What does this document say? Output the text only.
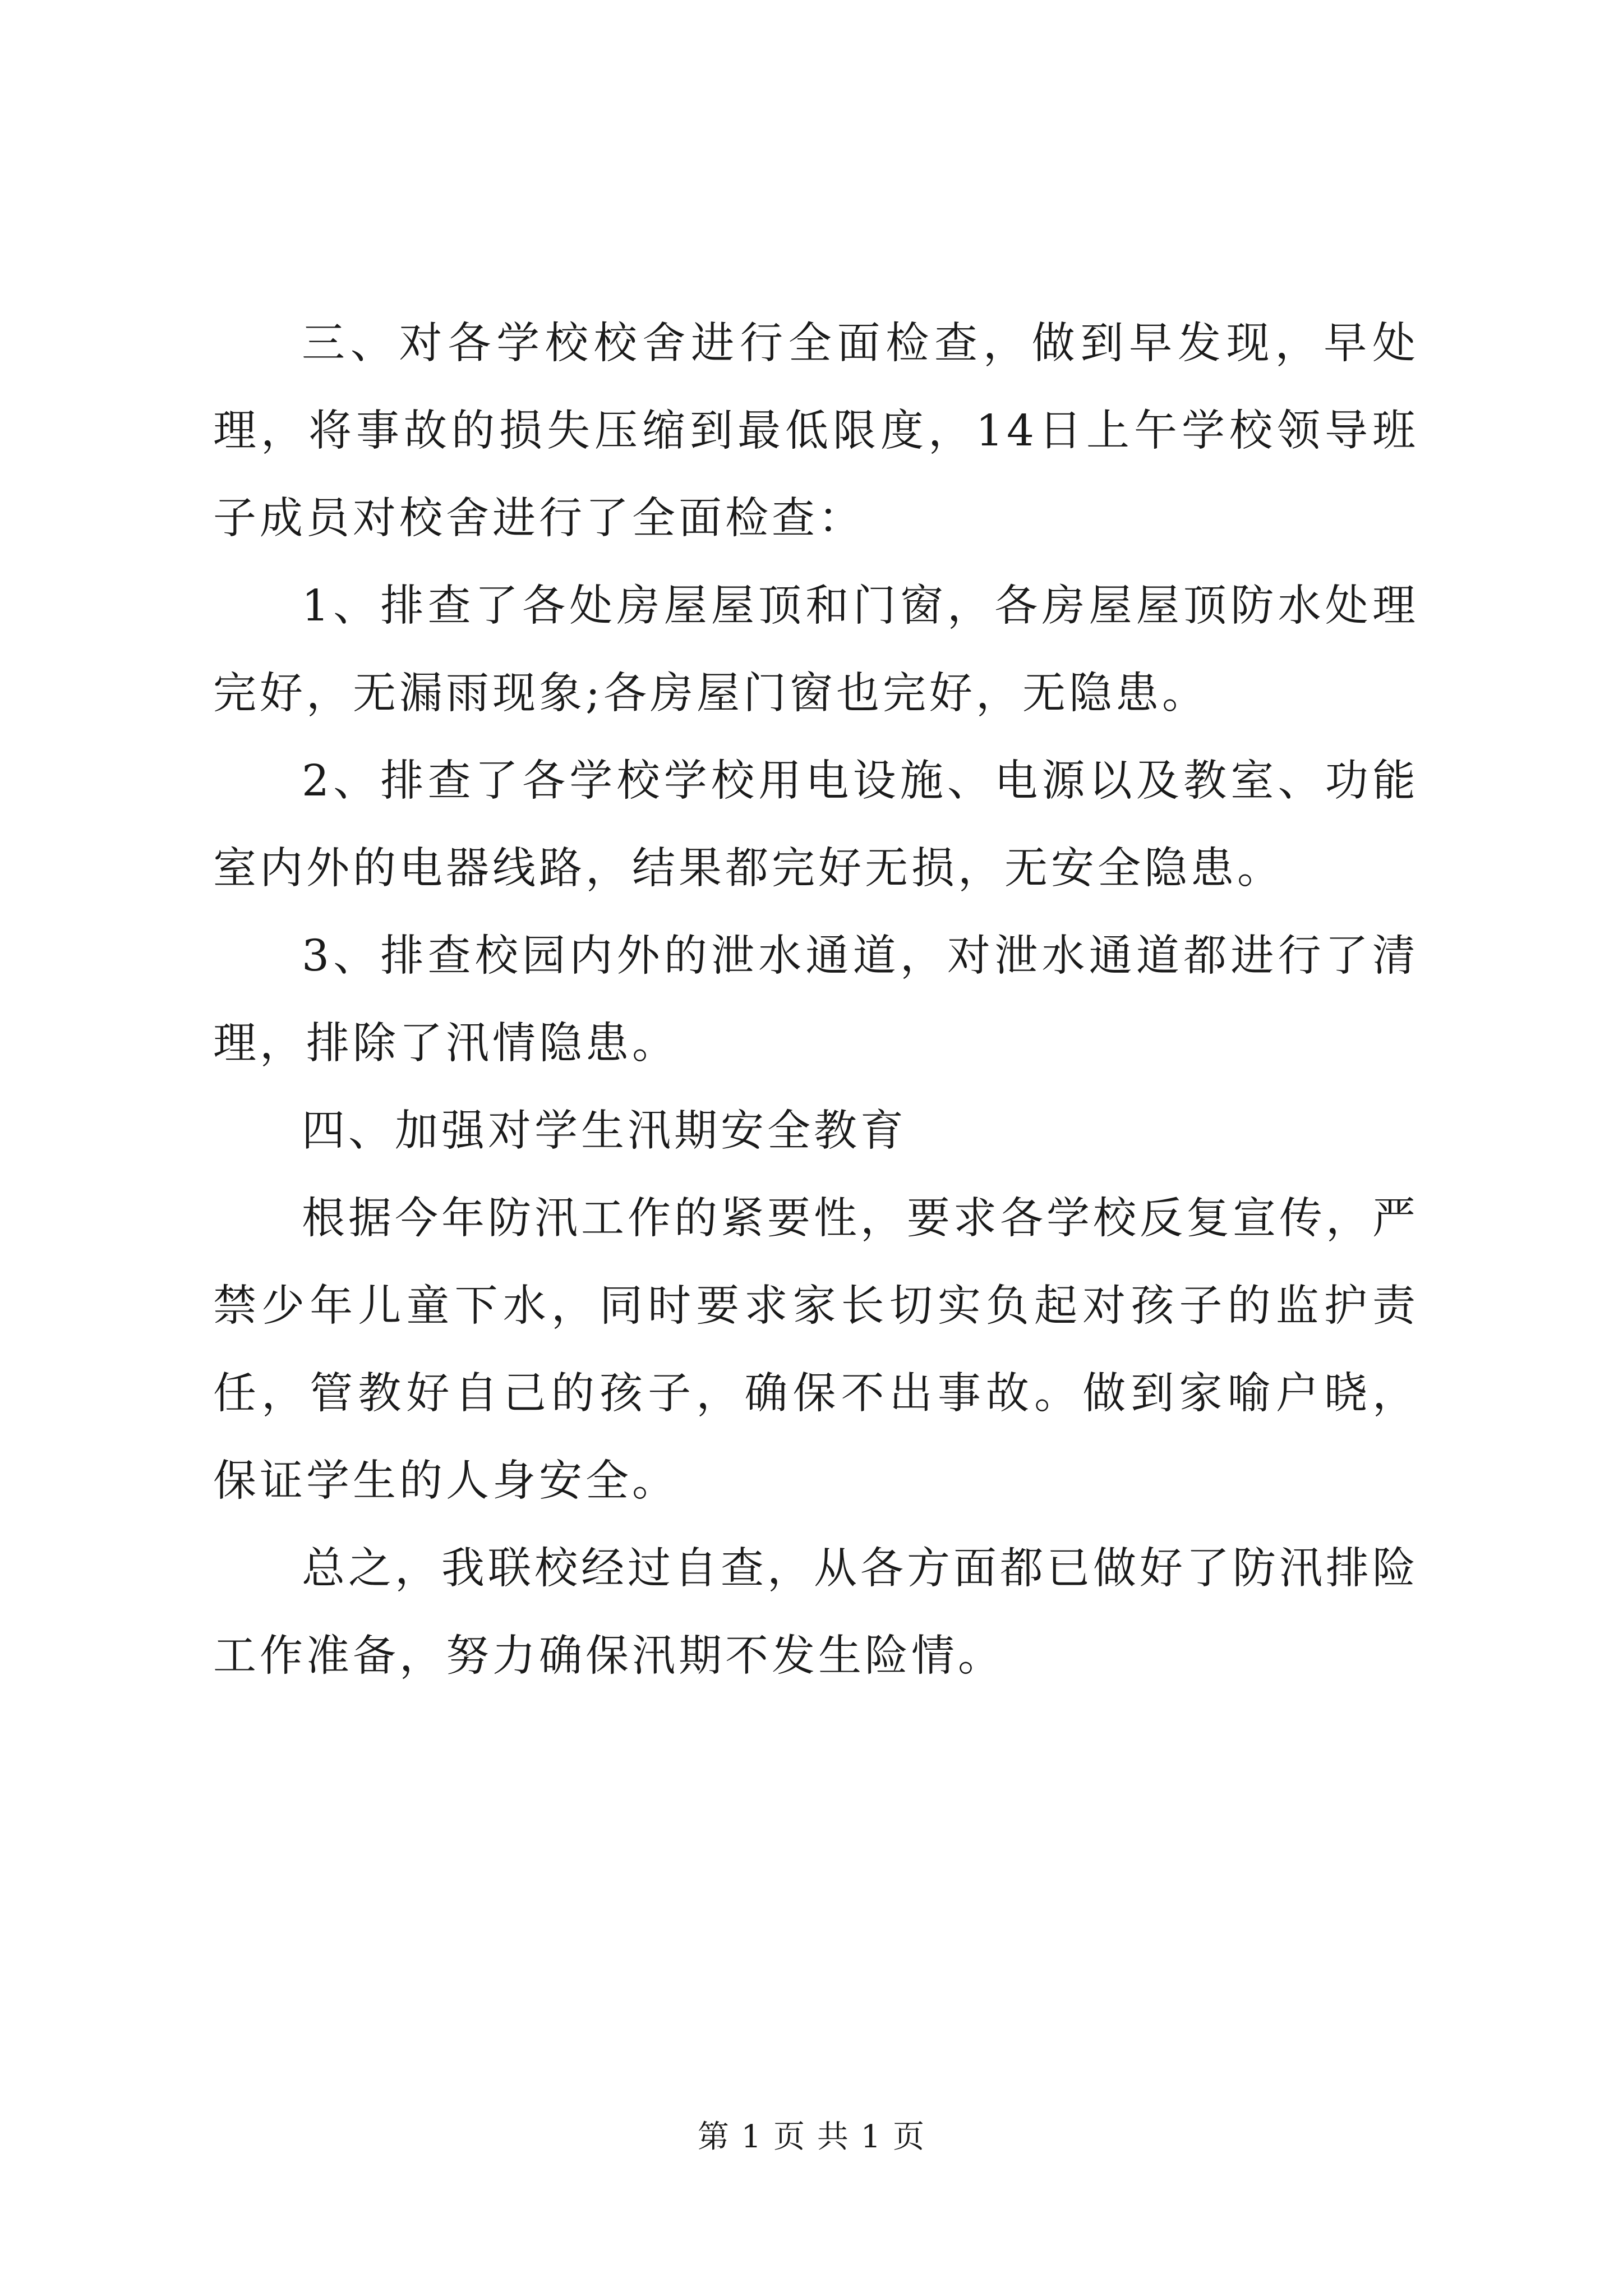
三、对各学校校舍进行全面检查，做到早发现，早处理，将事故的损失压缩到最低限度，14日上午学校领导班子成员对校舍进行了全面检查：

1、排查了各处房屋屋顶和门窗，各房屋屋顶防水处理完好，无漏雨现象;各房屋门窗也完好，无隐患。

2、排查了各学校学校用电设施、电源以及教室、功能室内外的电器线路，结果都完好无损，无安全隐患。

3、排查校园内外的泄水通道，对泄水通道都进行了清理，排除了汛情隐患。

四、加强对学生汛期安全教育

根据今年防汛工作的紧要性，要求各学校反复宣传，严禁少年儿童下水，同时要求家长切实负起对孩子的监护责任，管教好自己的孩子，确保不出事故。做到家喻户晓，保证学生的人身安全。

总之，我联校经过自查，从各方面都已做好了防汛排险工作准备，努力确保汛期不发生险情。

第 1 页 共 1 页
